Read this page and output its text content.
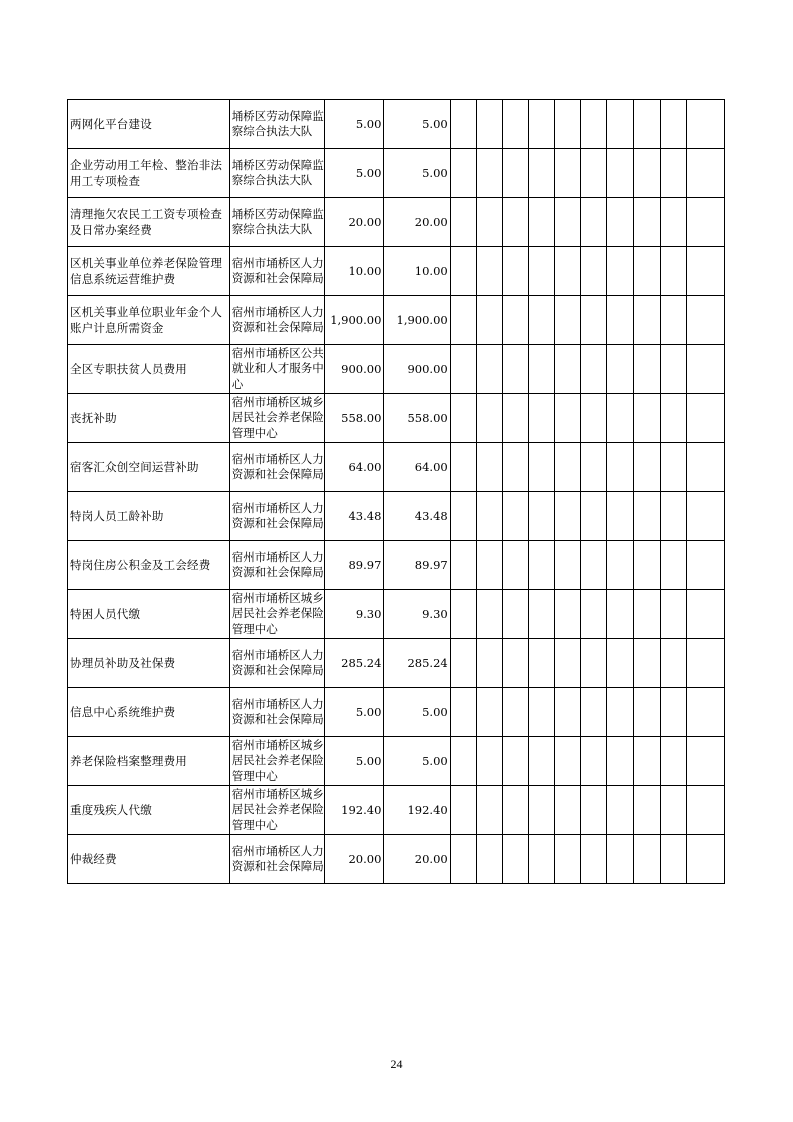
两网化平台建设	埇桥区劳动保障监察综合执法大队	5.00	5.00										
企业劳动用工年检、整治非法用工专项检查	埇桥区劳动保障监察综合执法大队	5.00	5.00										
清理拖欠农民工工资专项检查及日常办案经费	埇桥区劳动保障监察综合执法大队	20.00	20.00										
区机关事业单位养老保险管理信息系统运营维护费	宿州市埇桥区人力资源和社会保障局	10.00	10.00										
区机关事业单位职业年金个人账户计息所需资金	宿州市埇桥区人力资源和社会保障局	1,900.00	1,900.00										
全区专职扶贫人员费用	宿州市埇桥区公共就业和人才服务中心	900.00	900.00										
丧抚补助	宿州市埇桥区城乡居民社会养老保险管理中心	558.00	558.00										
宿客汇众创空间运营补助	宿州市埇桥区人力资源和社会保障局	64.00	64.00										
特岗人员工龄补助	宿州市埇桥区人力资源和社会保障局	43.48	43.48										
特岗住房公积金及工会经费	宿州市埇桥区人力资源和社会保障局	89.97	89.97										
特困人员代缴	宿州市埇桥区城乡居民社会养老保险管理中心	9.30	9.30										
协理员补助及社保费	宿州市埇桥区人力资源和社会保障局	285.24	285.24										
信息中心系统维护费	宿州市埇桥区人力资源和社会保障局	5.00	5.00										
养老保险档案整理费用	宿州市埇桥区城乡居民社会养老保险管理中心	5.00	5.00										
重度残疾人代缴	宿州市埇桥区城乡居民社会养老保险管理中心	192.40	192.40										
仲裁经费	宿州市埇桥区人力资源和社会保障局	20.00	20.00										
24
